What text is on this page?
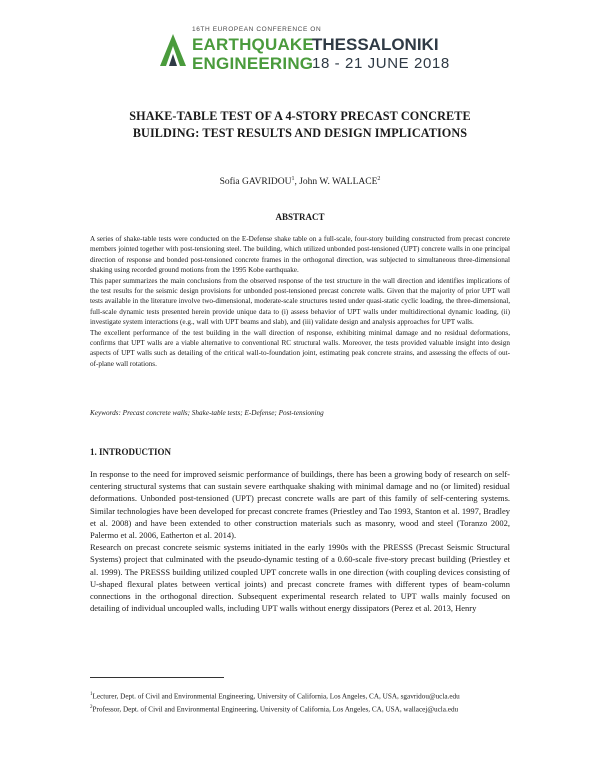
16TH EUROPEAN CONFERENCE ON
EARTHQUAKE
ENGINEERING
THESSALONIKI
18 - 21 JUNE 2018
SHAKE-TABLE TEST OF A 4-STORY PRECAST CONCRETE
BUILDING: TEST RESULTS AND DESIGN IMPLICATIONS
Sofia GAVRIDOU$^1$, John W. WALLACE$^2$
ABSTRACT

A series of shake-table tests were conducted on the E-Defense shake table on a full-scale, four-story building constructed from precast concrete members jointed together with post-tensioning steel. The building, which utilized unbonded post-tensioned (UPT) concrete walls in one principal direction of response and bonded post-tensioned concrete frames in the orthogonal direction, was subjected to simultaneous three-dimensional shaking using recorded ground motions from the 1995 Kobe earthquake.

This paper summarizes the main conclusions from the observed response of the test structure in the wall direction and identifies implications of the test results for the seismic design provisions for unbonded post-tensioned precast concrete walls. Given that the majority of prior UPT wall tests available in the literature involve two-dimensional, moderate-scale structures tested under quasi-static cyclic loading, the three-dimensional, full-scale dynamic tests presented herein provide unique data to (i) assess behavior of UPT walls under multidirectional dynamic loading, (ii) investigate system interactions (e.g., wall with UPT beams and slab), and (iii) validate design and analysis approaches for UPT walls.

The excellent performance of the test building in the wall direction of response, exhibiting minimal damage and no residual deformations, confirms that UPT walls are a viable alternative to conventional RC structural walls. Moreover, the tests provided valuable insight into design aspects of UPT walls such as detailing of the critical wall-to-foundation joint, estimating peak concrete strains, and assessing the effects of out-of-plane wall rotations.

Keywords: Precast concrete walls; Shake-table tests; E-Defense; Post-tensioning
1. INTRODUCTION

In response to the need for improved seismic performance of buildings, there has been a growing body of research on self-centering structural systems that can sustain severe earthquake shaking with minimal damage and no (or limited) residual deformations. Unbonded post-tensioned (UPT) precast concrete walls are part of this family of self-centering systems. Similar technologies have been developed for precast concrete frames (Priestley and Tao 1993, Stanton et al. 1997, Bradley et al. 2008) and have been extended to other construction materials such as masonry, wood and steel (Toranzo 2002, Palermo et al. 2006, Eatherton et al. 2014).

Research on precast concrete seismic systems initiated in the early 1990s with the PRESSS (Precast Seismic Structural Systems) project that culminated with the pseudo-dynamic testing of a 0.60-scale five-story precast building (Priestley et al. 1999). The PRESSS building utilized coupled UPT concrete walls in one direction (with coupling devices consisting of U-shaped flexural plates between vertical joints) and precast concrete frames with different types of beam-column connections in the orthogonal direction. Subsequent experimental research related to UPT walls mainly focused on detailing of individual uncoupled walls, including UPT walls without energy dissipators (Perez et al. 2013, Henry

$^1$Lecturer, Dept. of Civil and Environmental Engineering, University of California, Los Angeles, CA, USA, sgavridou@ucla.edu

$^2$Professor, Dept. of Civil and Environmental Engineering, University of California, Los Angeles, CA, USA, wallacej@ucla.edu
